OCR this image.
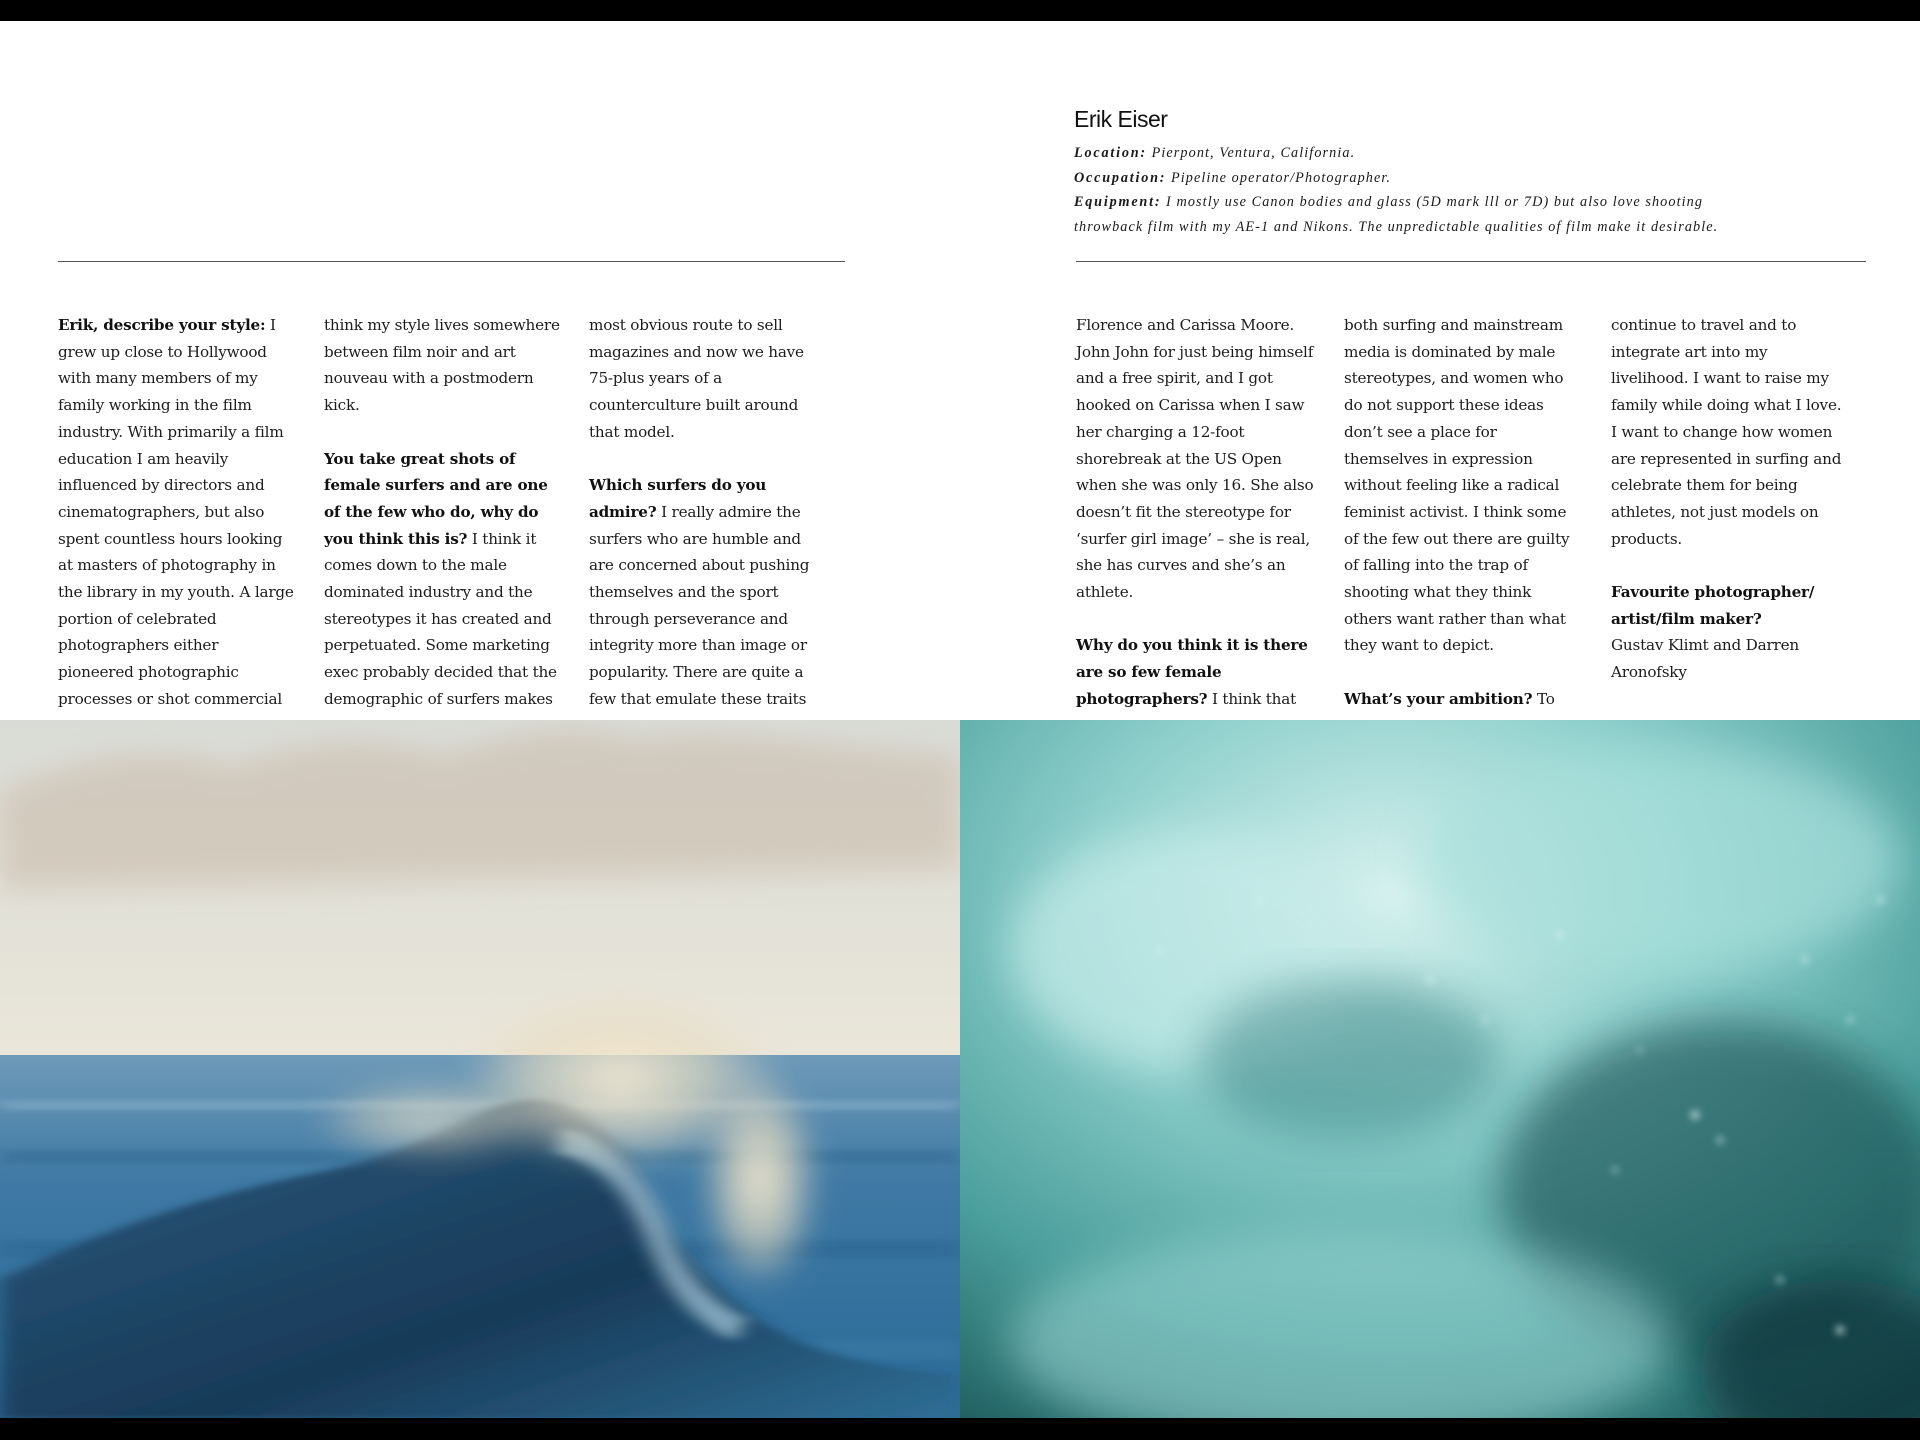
Erik Eiser
Location: Pierpont, Ventura, California.
Occupation: Pipeline operator/Photographer.
Equipment: I mostly use Canon bodies and glass (5D mark lll or 7D) but also love shooting
throwback film with my AE-1 and Nikons. The unpredictable qualities of film make it desirable.

Erik, describe your style: I grew up close to Hollywood with many members of my family working in the film industry. With primarily a film education I am heavily influenced by directors and cinematographers, but also spent countless hours looking at masters of photography in the library in my youth. A large portion of celebrated photographers either pioneered photographic processes or shot commercial

think my style lives somewhere between film noir and art nouveau with a postmodern kick.

You take great shots of female surfers and are one of the few who do, why do you think this is? I think it comes down to the male dominated industry and the stereotypes it has created and perpetuated. Some marketing exec probably decided that the demographic of surfers makes

most obvious route to sell magazines and now we have 75-plus years of a counterculture built around that model.

Which surfers do you admire? I really admire the surfers who are humble and are concerned about pushing themselves and the sport through perseverance and integrity more than image or popularity. There are quite a few that emulate these traits

Florence and Carissa Moore. John John for just being himself and a free spirit, and I got hooked on Carissa when I saw her charging a 12-foot shorebreak at the US Open when she was only 16. She also doesn’t fit the stereotype for ‘surfer girl image’ – she is real, she has curves and she’s an athlete.

Why do you think it is there are so few female photographers? I think that

both surfing and mainstream media is dominated by male stereotypes, and women who do not support these ideas don’t see a place for themselves in expression without feeling like a radical feminist activist. I think some of the few out there are guilty of falling into the trap of shooting what they think others want rather than what they want to depict.

What’s your ambition? To

continue to travel and to integrate art into my livelihood. I want to raise my family while doing what I love. I want to change how women are represented in surfing and celebrate them for being athletes, not just models on products.

Favourite photographer/ artist/film maker?

Gustav Klimt and Darren Aronofsky
